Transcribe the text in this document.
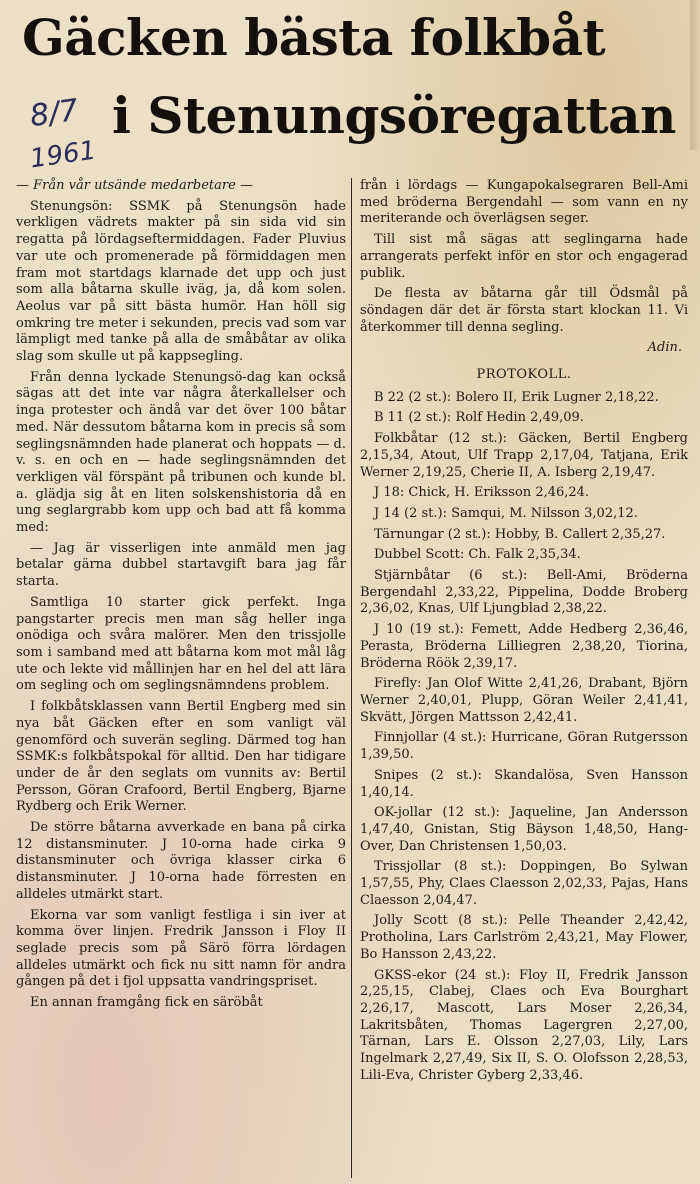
Gäcken bästa folkbåt
i Stenungsöregattan
8/7
1961

— Från vår utsände medarbetare —

Stenungsön: SSMK på Stenungsön hade verkligen vädrets makter på sin sida vid sin regatta på lördagseftermiddagen. Fader Pluvius var ute och promenerade på förmiddagen men fram mot startdags klarnade det upp och just som alla båtarna skulle iväg, ja, då kom solen. Aeolus var på sitt bästa humör. Han höll sig omkring tre meter i sekunden, precis vad som var lämpligt med tanke på alla de småbåtar av olika slag som skulle ut på kappsegling.

Från denna lyckade Stenungsö-dag kan också sägas att det inte var några återkallelser och inga protester och ändå var det över 100 båtar med. När dessutom båtarna kom in precis så som seglingsnämnden hade planerat och hoppats — d. v. s. en och en — hade seglingsnämnden det verkligen väl förspänt på tribunen och kunde bl. a. glädja sig åt en liten solskenshistoria då en ung seglargrabb kom upp och bad att få komma med:

— Jag är visserligen inte anmäld men jag betalar gärna dubbel startavgift bara jag får starta.

Samtliga 10 starter gick perfekt. Inga pangstarter precis men man såg heller inga onödiga och svåra malörer. Men den trissjolle som i samband med att båtarna kom mot mål låg ute och lekte vid mållinjen har en hel del att lära om segling och om seglingsnämndens problem.

I folkbåtsklassen vann Bertil Engberg med sin nya båt Gäcken efter en som vanligt väl genomförd och suverän segling. Därmed tog han SSMK:s folkbåtspokal för alltid. Den har tidigare under de år den seglats om vunnits av: Bertil Persson, Göran Crafoord, Bertil Engberg, Bjarne Rydberg och Erik Werner.

De större båtarna avverkade en bana på cirka 12 distansminuter. J 10-orna hade cirka 9 distansminuter och övriga klasser cirka 6 distansminuter. J 10-orna hade förresten en alldeles utmärkt start.

Ekorna var som vanligt festliga i sin iver at komma över linjen. Fredrik Jansson i Floy II seglade precis som på Särö förra lördagen alldeles utmärkt och fick nu sitt namn för andra gången på det i fjol uppsatta vandringspriset.

En annan framgång fick en säröbåt

från i lördags — Kungapokalsegraren Bell-Ami med bröderna Bergendahl — som vann en ny meriterande och överlägsen seger.

Till sist må sägas att seglingarna hade arrangerats perfekt inför en stor och engagerad publik.

De flesta av båtarna går till Ödsmål på söndagen där det är första start klockan 11. Vi återkommer till denna segling.

Adin.

PROTOKOLL.

B 22 (2 st.): Bolero II, Erik Lugner 2,18,22.

B 11 (2 st.): Rolf Hedin 2,49,09.

Folkbåtar (12 st.): Gäcken, Bertil Engberg 2,15,34, Atout, Ulf Trapp 2,17,04, Tatjana, Erik Werner 2,19,25, Cherie II, A. Isberg 2,19,47.

J 18: Chick, H. Eriksson 2,46,24.

J 14 (2 st.): Samqui, M. Nilsson 3,02,12.

Tärnungar (2 st.): Hobby, B. Callert 2,35,27.

Dubbel Scott: Ch. Falk 2,35,34.

Stjärnbåtar (6 st.): Bell-Ami, Bröderna Bergendahl 2,33,22, Pippelina, Dodde Broberg 2,36,02, Knas, Ulf Ljungblad 2,38,22.

J 10 (19 st.): Femett, Adde Hedberg 2,36,46, Perasta, Bröderna Lilliegren 2,38,20, Tiorina, Bröderna Röök 2,39,17.

Firefly: Jan Olof Witte 2,41,26, Drabant, Björn Werner 2,40,01, Plupp, Göran Weiler 2,41,41, Skvätt, Jörgen Mattsson 2,42,41.

Finnjollar (4 st.): Hurricane, Göran Rutgersson 1,39,50.

Snipes (2 st.): Skandalösa, Sven Hansson 1,40,14.

OK-jollar (12 st.): Jaqueline, Jan Andersson 1,47,40, Gnistan, Stig Bäyson 1,48,50, Hang-Over, Dan Christensen 1,50,03.

Trissjollar (8 st.): Doppingen, Bo Sylwan 1,57,55, Phy, Claes Claesson 2,02,33, Pajas, Hans Claesson 2,04,47.

Jolly Scott (8 st.): Pelle Theander 2,42,42, Protholina, Lars Carlström 2,43,21, May Flower, Bo Hansson 2,43,22.

GKSS-ekor (24 st.): Floy II, Fredrik Jansson 2,25,15, Clabej, Claes och Eva Bourghart 2,26,17, Mascott, Lars Moser 2,26,34, Lakritsbåten, Thomas Lagergren 2,27,00, Tärnan, Lars E. Olsson 2,27,03, Lily, Lars Ingelmark 2,27,49, Six II, S. O. Olofsson 2,28,53, Lili-Eva, Christer Gyberg 2,33,46.
